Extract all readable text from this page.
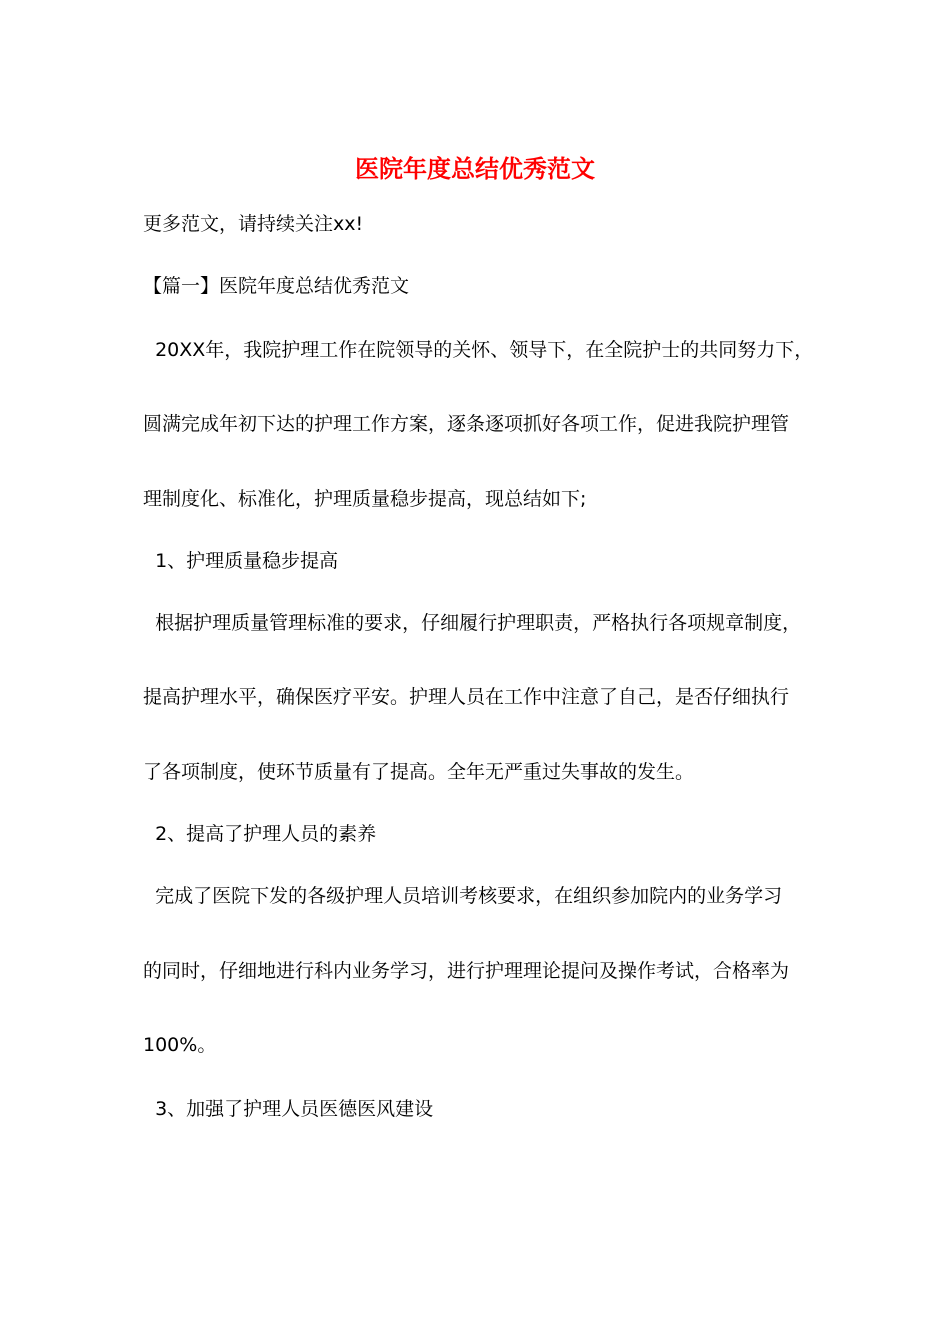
医院年度总结优秀范文
更多范文，请持续关注xx!
【篇一】医院年度总结优秀范文
20XX年，我院护理工作在院领导的关怀、领导下，在全院护士的共同努力下，
圆满完成年初下达的护理工作方案，逐条逐项抓好各项工作，促进我院护理管
理制度化、标准化，护理质量稳步提高，现总结如下;
1、护理质量稳步提高
根据护理质量管理标准的要求，仔细履行护理职责，严格执行各项规章制度，
提高护理水平，确保医疗平安。护理人员在工作中注意了自己，是否仔细执行
了各项制度，使环节质量有了提高。全年无严重过失事故的发生。
2、提高了护理人员的素养
完成了医院下发的各级护理人员培训考核要求，在组织参加院内的业务学习
的同时，仔细地进行科内业务学习，进行护理理论提问及操作考试，合格率为
100%。
3、加强了护理人员医德医风建设
